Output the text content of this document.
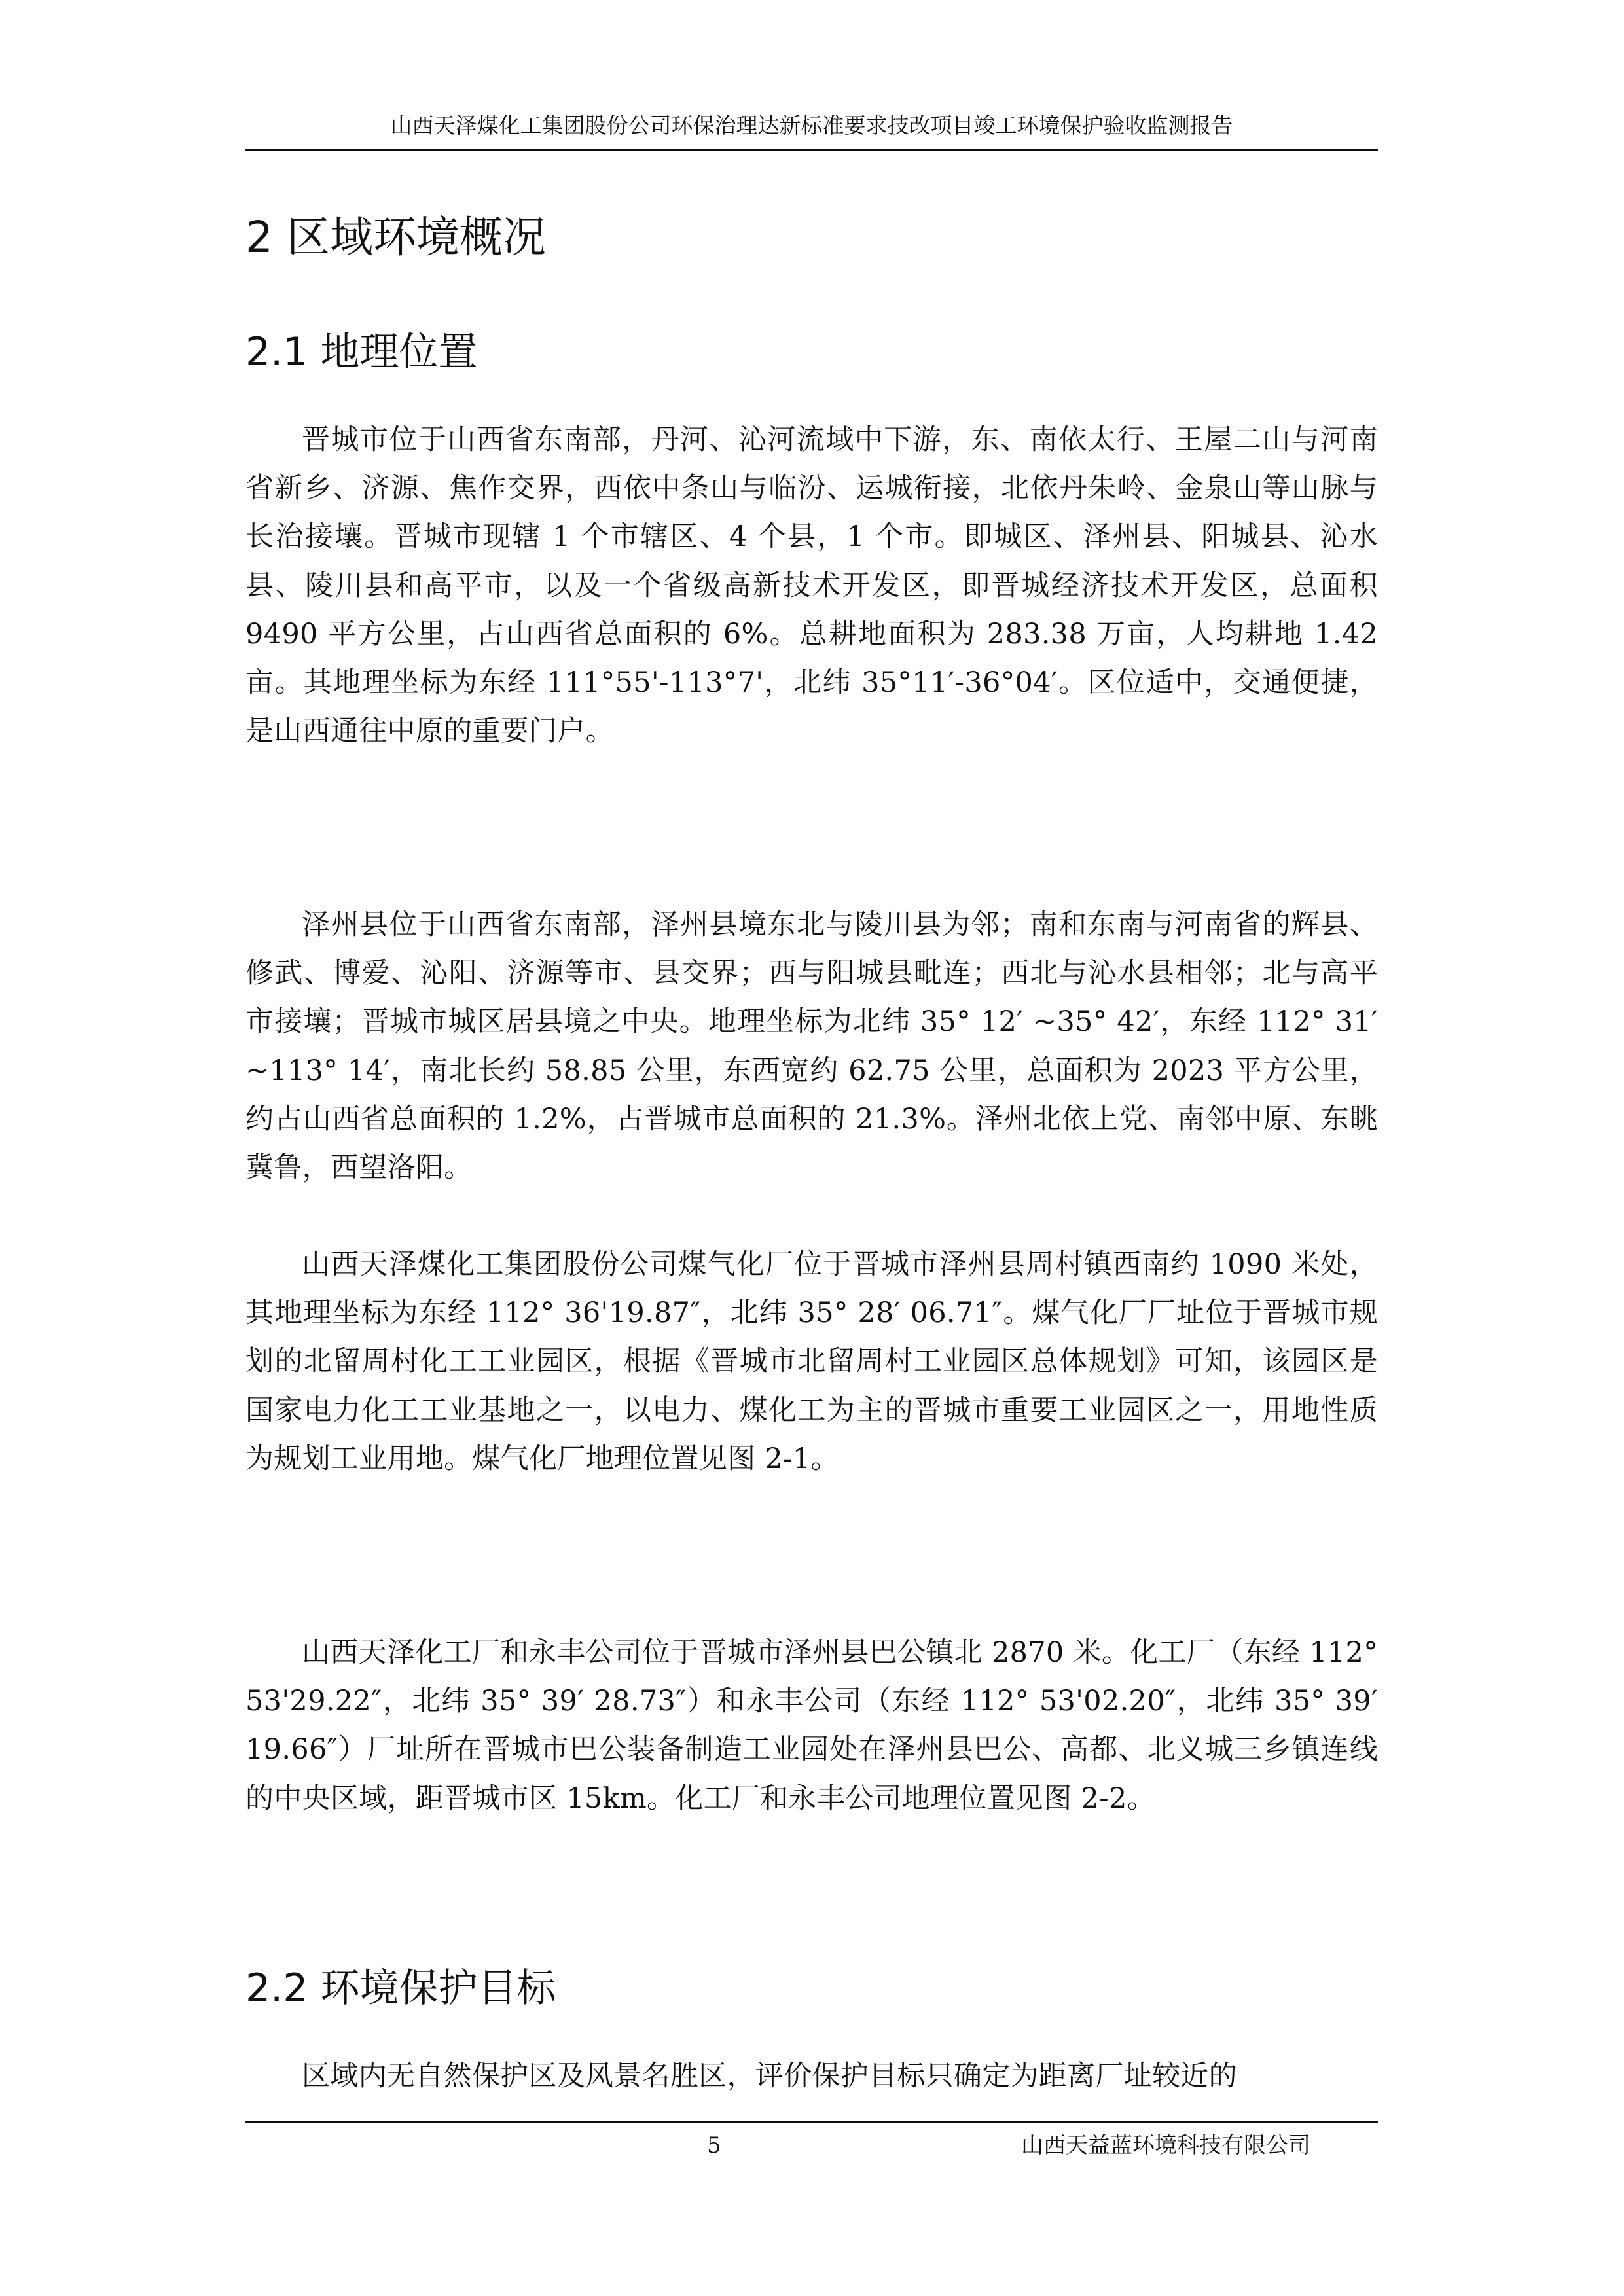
山西天泽煤化工集团股份公司环保治理达新标准要求技改项目竣工环境保护验收监测报告
2 区域环境概况
2.1 地理位置

晋城市位于山西省东南部，丹河、沁河流域中下游，东、南依太行、王屋二山与河南省新乡、济源、焦作交界，西依中条山与临汾、运城衔接，北依丹朱岭、金泉山等山脉与长治接壤。晋城市现辖 1 个市辖区、4 个县，1 个市。即城区、泽州县、阳城县、沁水县、陵川县和高平市，以及一个省级高新技术开发区，即晋城经济技术开发区，总面积 9490 平方公里，占山西省总面积的 6%。总耕地面积为 283.38 万亩，人均耕地 1.42 亩。其地理坐标为东经 111°55'-113°7'，北纬 35°11′-36°04′。区位适中，交通便捷，是山西通往中原的重要门户。

泽州县位于山西省东南部，泽州县境东北与陵川县为邻；南和东南与河南省的辉县、修武、博爱、沁阳、济源等市、县交界；西与阳城县毗连；西北与沁水县相邻；北与高平市接壤；晋城市城区居县境之中央。地理坐标为北纬 35° 12′ ~35° 42′，东经 112° 31′ ~113° 14′，南北长约 58.85 公里，东西宽约 62.75 公里，总面积为 2023 平方公里，约占山西省总面积的 1.2%，占晋城市总面积的 21.3%。泽州北依上党、南邻中原、东眺冀鲁，西望洛阳。

山西天泽煤化工集团股份公司煤气化厂位于晋城市泽州县周村镇西南约 1090 米处，其地理坐标为东经 112° 36'19.87″，北纬 35° 28′ 06.71″。煤气化厂厂址位于晋城市规划的北留周村化工工业园区，根据《晋城市北留周村工业园区总体规划》可知，该园区是国家电力化工工业基地之一，以电力、煤化工为主的晋城市重要工业园区之一，用地性质为规划工业用地。煤气化厂地理位置见图 2-1。

山西天泽化工厂和永丰公司位于晋城市泽州县巴公镇北 2870 米。化工厂（东经 112° 53'29.22″，北纬 35° 39′ 28.73″）和永丰公司（东经 112° 53'02.20″，北纬 35° 39′ 19.66″）厂址所在晋城市巴公装备制造工业园处在泽州县巴公、高都、北义城三乡镇连线的中央区域，距晋城市区 15km。化工厂和永丰公司地理位置见图 2-2。

2.2 环境保护目标

区域内无自然保护区及风景名胜区，评价保护目标只确定为距离厂址较近的

5	山西天益蓝环境科技有限公司
